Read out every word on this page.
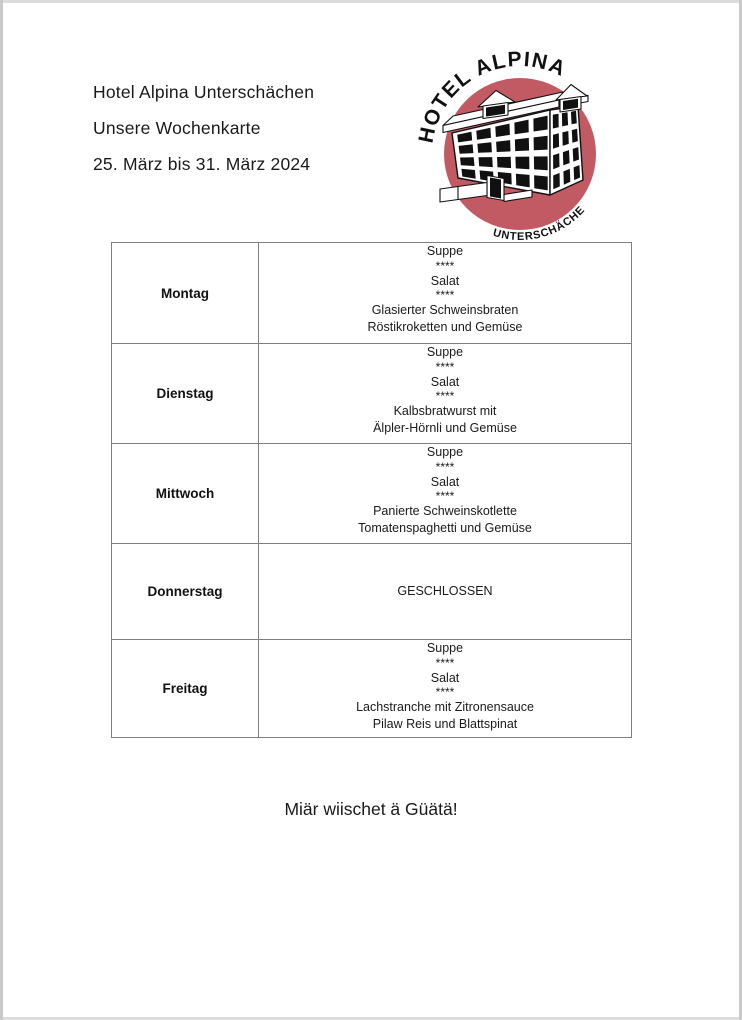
Hotel Alpina Unterschächen
Unsere Wochenkarte
25. März bis 31. März 2024
HOTEL ALPINA
UNTERSCHÄCHEN
Montag	
Suppe
****
Salat
****
Glasierter Schweinsbraten
Röstikroketten und Gemüse

Dienstag	
Suppe
****
Salat
****
Kalbsbratwurst mit
Älpler-Hörnli und Gemüse

Mittwoch	
Suppe
****
Salat
****
Panierte Schweinskotlette
Tomatenspaghetti und Gemüse

Donnerstag	GESCHLOSSEN

Freitag	
Suppe
****
Salat
****
Lachstranche mit Zitronensauce
Pilaw Reis und Blattspinat
Miär wiischet ä Güätä!
